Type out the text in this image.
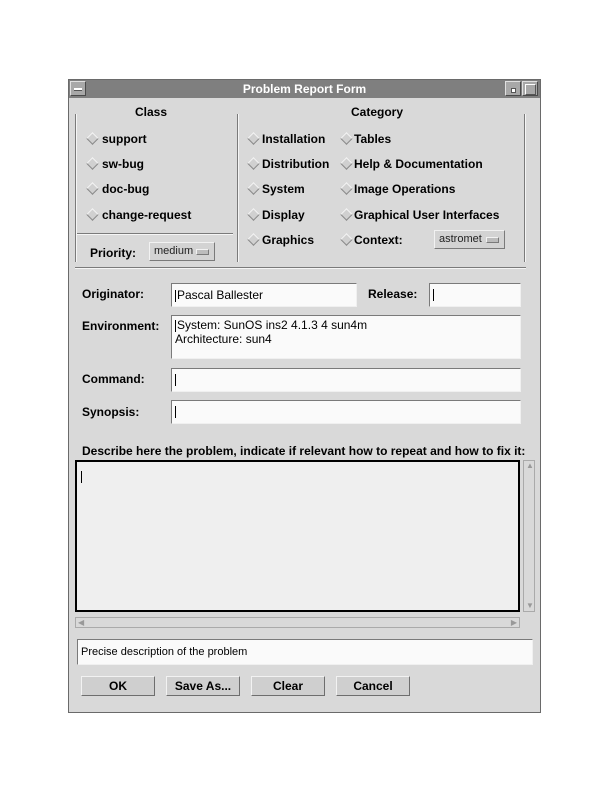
Problem Report Form
Class
support
sw-bug
doc-bug
change-request
Priority:	medium
Category
Installation
Distribution
System
Display
Graphics
Tables
Help & Documentation
Image Operations
Graphical User Interfaces
Context:	astromet
Originator:	Pascal Ballester	Release:
Environment: System: SunOS ins2 4.1.3 4 sun4m
Architecture: sun4
Command:
Synopsis:
Describe here the problem, indicate if relevant how to repeat and how to fix it:
▲
▼
◀	▶
Precise description of the problem
OK	Save As...	Clear	Cancel
